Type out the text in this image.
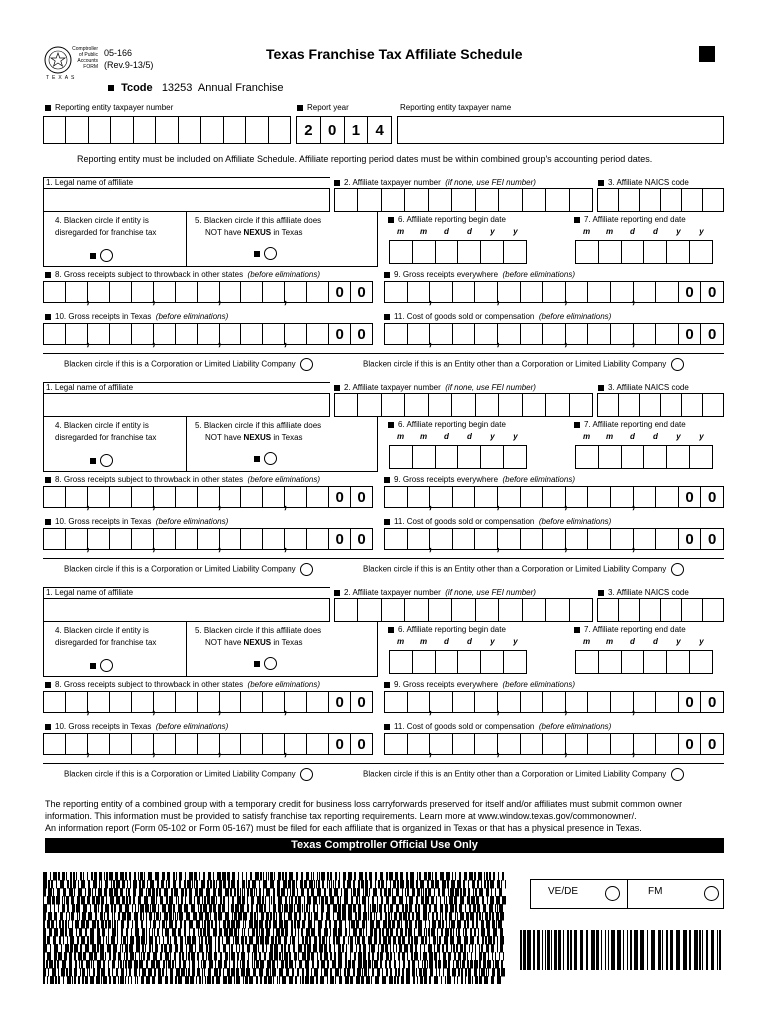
TEXAS
Comptroller
of Public
Accounts
FORM
05-166
(Rev.9-13/5)
Texas Franchise Tax Affiliate Schedule
Tcode 13253 Annual Franchise
Reporting entity taxpayer number	Report year	Reporting entity taxpayer name
2	0	1	4
Reporting entity must be included on Affiliate Schedule. Affiliate reporting period dates must be within combined group's accounting period dates.
1. Legal name of affiliate	2. Affiliate taxpayer number (if none, use FEI number)	3. Affiliate NAICS code
4. Blacken circle if entity is
disregarded for franchise tax
5. Blacken circle if this affiliate does
NOT have NEXUS in Texas
6. Affiliate reporting begin date
m	m	d	d	y	y
7. Affiliate reporting end date
m	m	d	d	y	y
8. Gross receipts subject to throwback in other states (before eliminations)	9. Gross receipts everywhere (before eliminations)
,
,
,
,
0 0 , , , ,	0 0
10. Gross receipts in Texas (before eliminations)	11. Cost of goods sold or compensation (before eliminations)
,
,
,
,
0 0 , , , ,	0 0
Blacken circle if this is a Corporation or Limited Liability Company	Blacken circle if this is an Entity other than a Corporation or Limited Liability Company
1. Legal name of affiliate	2. Affiliate taxpayer number (if none, use FEI number)	3. Affiliate NAICS code
4. Blacken circle if entity is
disregarded for franchise tax
5. Blacken circle if this affiliate does
NOT have NEXUS in Texas
6. Affiliate reporting begin date
m	m	d	d	y	y
7. Affiliate reporting end date
m	m	d	d	y	y
8. Gross receipts subject to throwback in other states (before eliminations)	9. Gross receipts everywhere (before eliminations)
,
,
,
,
0 0 , , , ,	0 0
10. Gross receipts in Texas (before eliminations)	11. Cost of goods sold or compensation (before eliminations)
,
,
,
,
0 0 , , , ,	0 0
Blacken circle if this is a Corporation or Limited Liability Company	Blacken circle if this is an Entity other than a Corporation or Limited Liability Company
1. Legal name of affiliate	2. Affiliate taxpayer number (if none, use FEI number)	3. Affiliate NAICS code
4. Blacken circle if entity is
disregarded for franchise tax
5. Blacken circle if this affiliate does
NOT have NEXUS in Texas
6. Affiliate reporting begin date
m	m	d	d	y	y
7. Affiliate reporting end date
m	m	d	d	y	y
8. Gross receipts subject to throwback in other states (before eliminations)	9. Gross receipts everywhere (before eliminations)
,
,
,
,
0 0 , , , ,	0 0
10. Gross receipts in Texas (before eliminations)	11. Cost of goods sold or compensation (before eliminations)
,
,
,
,
0 0 , , , ,	0 0
Blacken circle if this is a Corporation or Limited Liability Company	Blacken circle if this is an Entity other than a Corporation or Limited Liability Company
The reporting entity of a combined group with a temporary credit for business loss carryforwards preserved for itself and/or affiliates must submit common owner
information. This information must be provided to satisfy franchise tax reporting requirements. Learn more at www.window.texas.gov/commonowner/.
An information report (Form 05-102 or Form 05-167) must be filed for each affiliate that is organized in Texas or that has a physical presence in Texas.
Texas Comptroller Official Use Only
VE/DE	FM
